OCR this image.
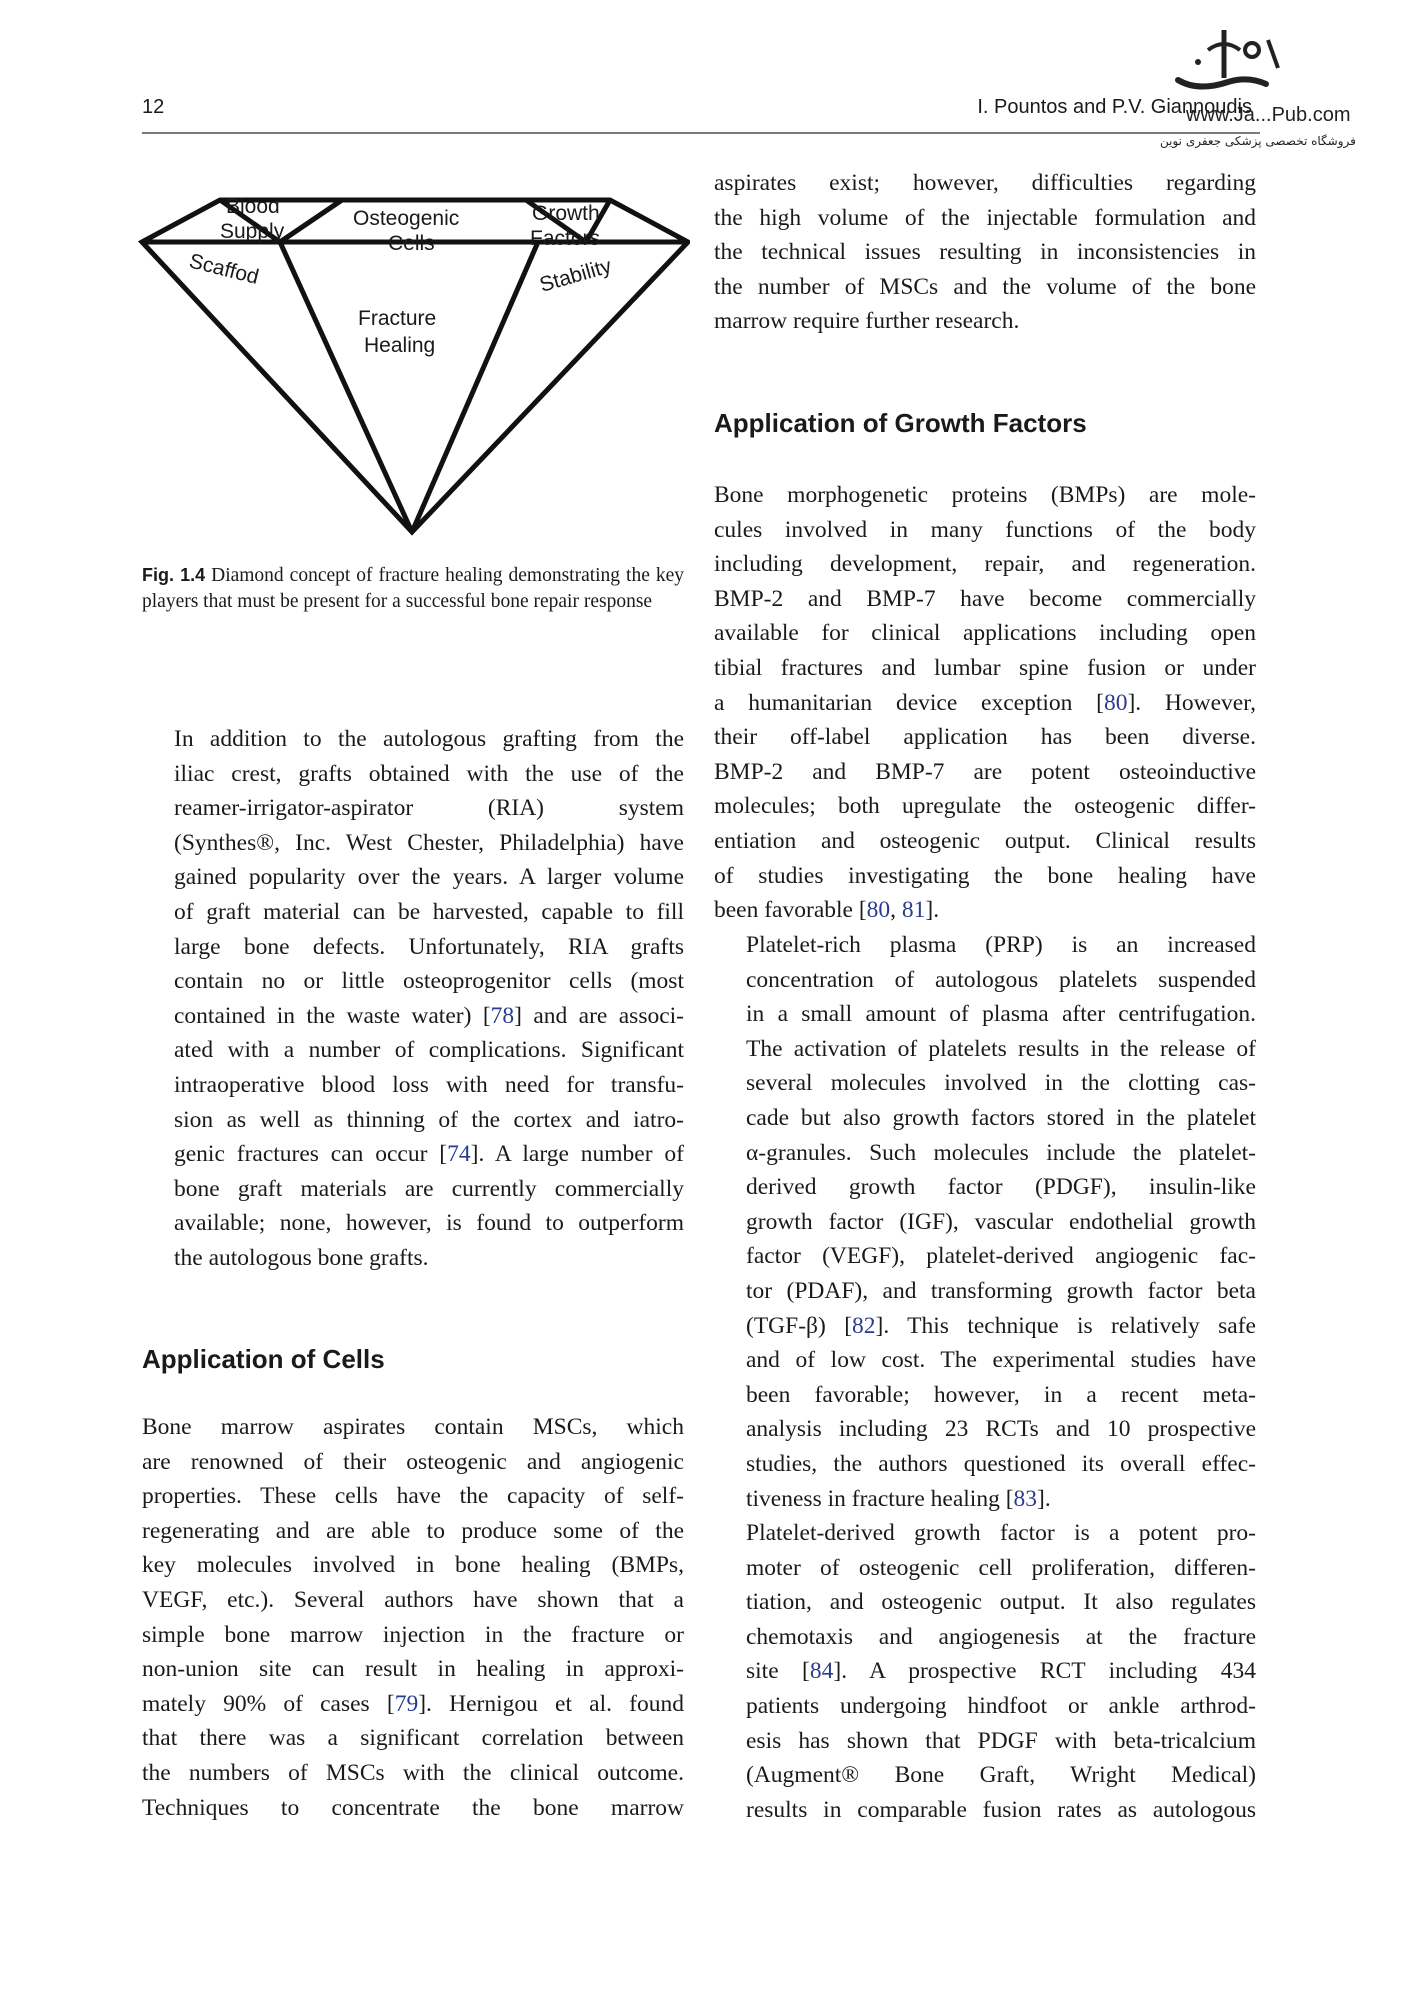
12	I. Pountos and P.V. Giannoudis
www.Ja...Pub.com
فروشگاه تخصصی پزشکی جعفری نوین
Blood
Supply
Osteogenic
Cells
Growth
Factors
Scaffod	Stability
Fracture
Healing
Fig. 1.4 Diamond concept of fracture healing demonstrating the key players that must be present for a successful bone repair response

In addition to the autologous grafting from the
iliac crest, grafts obtained with the use of the
reamer-irrigator-aspirator (RIA) system
(Synthes®, Inc. West Chester, Philadelphia) have
gained popularity over the years. A larger volume
of graft material can be harvested, capable to fill
large bone defects. Unfortunately, RIA grafts
contain no or little osteoprogenitor cells (most
contained in the waste water) [78] and are associ-
ated with a number of complications. Significant
intraoperative blood loss with need for transfu-
sion as well as thinning of the cortex and iatro-
genic fractures can occur [74]. A large number of
bone graft materials are currently commercially
available; none, however, is found to outperform
the autologous bone grafts.

Application of Cells

Bone marrow aspirates contain MSCs, which
are renowned of their osteogenic and angiogenic
properties. These cells have the capacity of self-
regenerating and are able to produce some of the
key molecules involved in bone healing (BMPs,
VEGF, etc.). Several authors have shown that a
simple bone marrow injection in the fracture or
non-union site can result in healing in approxi-
mately 90% of cases [79]. Hernigou et al. found
that there was a significant correlation between
the numbers of MSCs with the clinical outcome.
Techniques to concentrate the bone marrow

aspirates exist; however, difficulties regarding
the high volume of the injectable formulation and
the technical issues resulting in inconsistencies in
the number of MSCs and the volume of the bone
marrow require further research.

Application of Growth Factors

Bone morphogenetic proteins (BMPs) are mole-
cules involved in many functions of the body
including development, repair, and regeneration.
BMP-2 and BMP-7 have become commercially
available for clinical applications including open
tibial fractures and lumbar spine fusion or under
a humanitarian device exception [80]. However,
their off-label application has been diverse.
BMP-2 and BMP-7 are potent osteoinductive
molecules; both upregulate the osteogenic differ-
entiation and osteogenic output. Clinical results
of studies investigating the bone healing have
been favorable [80, 81].

Platelet-rich plasma (PRP) is an increased
concentration of autologous platelets suspended
in a small amount of plasma after centrifugation.
The activation of platelets results in the release of
several molecules involved in the clotting cas-
cade but also growth factors stored in the platelet
α-granules. Such molecules include the platelet-
derived growth factor (PDGF), insulin-like
growth factor (IGF), vascular endothelial growth
factor (VEGF), platelet-derived angiogenic fac-
tor (PDAF), and transforming growth factor beta
(TGF-β) [82]. This technique is relatively safe
and of low cost. The experimental studies have
been favorable; however, in a recent meta-
analysis including 23 RCTs and 10 prospective
studies, the authors questioned its overall effec-
tiveness in fracture healing [83].

Platelet-derived growth factor is a potent pro-
moter of osteogenic cell proliferation, differen-
tiation, and osteogenic output. It also regulates
chemotaxis and angiogenesis at the fracture
site [84]. A prospective RCT including 434
patients undergoing hindfoot or ankle arthrod-
esis has shown that PDGF with beta-tricalcium
(Augment® Bone Graft, Wright Medical)
results in comparable fusion rates as autologous
